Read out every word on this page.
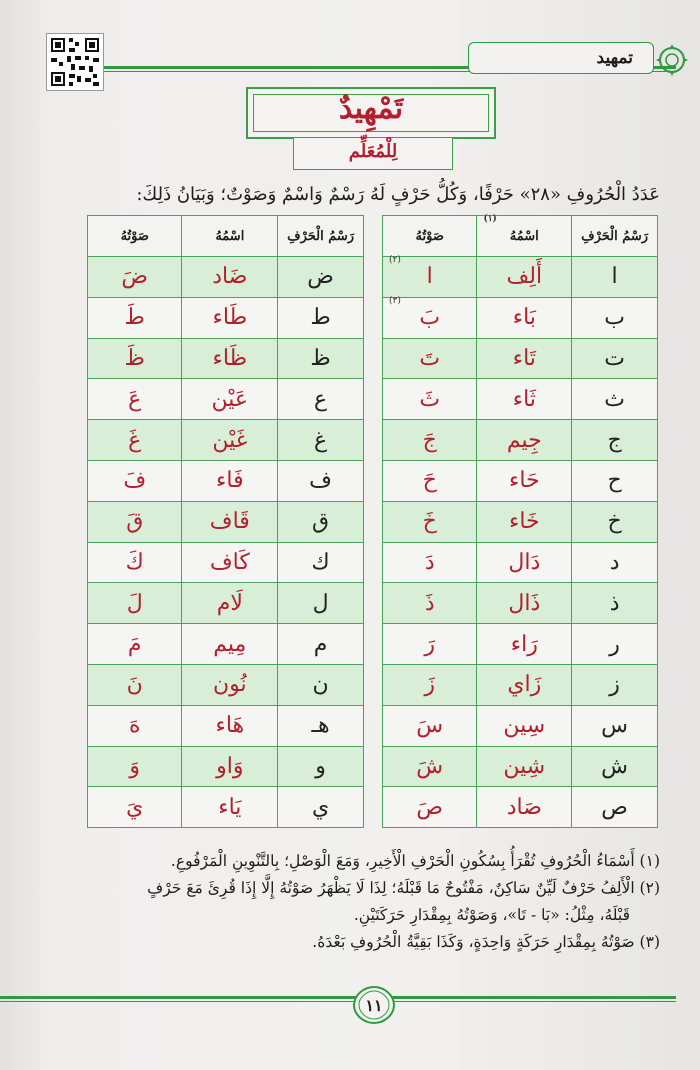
تمهيد
تَمْهِيدٌ
لِلْمُعَلِّم
عَدَدُ الْحُرُوفِ «٢٨» حَرْفًا، وَكُلُّ حَرْفٍ لَهُ رَسْمٌ وَاسْمٌ وَصَوْتٌ؛ وَبَيَانُ ذَلِكَ:
رَسْمُ الْحَرْفِ	اسْمُهُ
(١)	صَوْتُهُ
ا	أَلِف	ا
(٢)

ب	بَاء	بَ
(٣)

ت	تَاء	تَ
ث	ثَاء	ثَ
ج	جِيم	جَ
ح	حَاء	حَ
خ	خَاء	خَ
د	دَال	دَ
ذ	ذَال	ذَ
ر	رَاء	رَ
ز	زَاي	زَ
س	سِين	سَ
ش	شِين	شَ
ص	صَاد	صَ
رَسْمُ الْحَرْفِ	اسْمُهُ	صَوْتُهُ
ض	ضَاد	ضَ
ط	طَاء	طَ
ظ	ظَاء	ظَ
ع	عَيْن	عَ
غ	غَيْن	غَ
ف	فَاء	فَ
ق	قَاف	قَ
ك	كَاف	كَ
ل	لَام	لَ
م	مِيم	مَ
ن	نُون	نَ
هـ	هَاء	هَ
و	وَاو	وَ
ي	يَاء	يَ
(١) أَسْمَاءُ الْحُرُوفِ تُقْرَأُ بِسُكُونِ الْحَرْفِ الْأَخِيرِ، وَمَعَ الْوَصْلِ؛ بِالتَّنْوِينِ الْمَرْفُوعِ.
(٢) الْأَلِفُ حَرْفٌ لَيِّنٌ سَاكِنٌ، مَفْتُوحٌ مَا قَبْلَهُ؛ لِذَا لَا يَظْهَرُ صَوْتُهُ إِلَّا إِذَا قُرِئَ مَعَ حَرْفٍ
قَبْلَهُ، مِثْلُ: «بَا - تَا»، وَصَوْتُهُ بِمِقْدَارِ حَرَكَتَيْنِ.
(٣) صَوْتُهُ بِمِقْدَارِ حَرَكَةٍ وَاحِدَةٍ، وَكَذَا بَقِيَّةُ الْحُرُوفِ بَعْدَهُ.
١١
